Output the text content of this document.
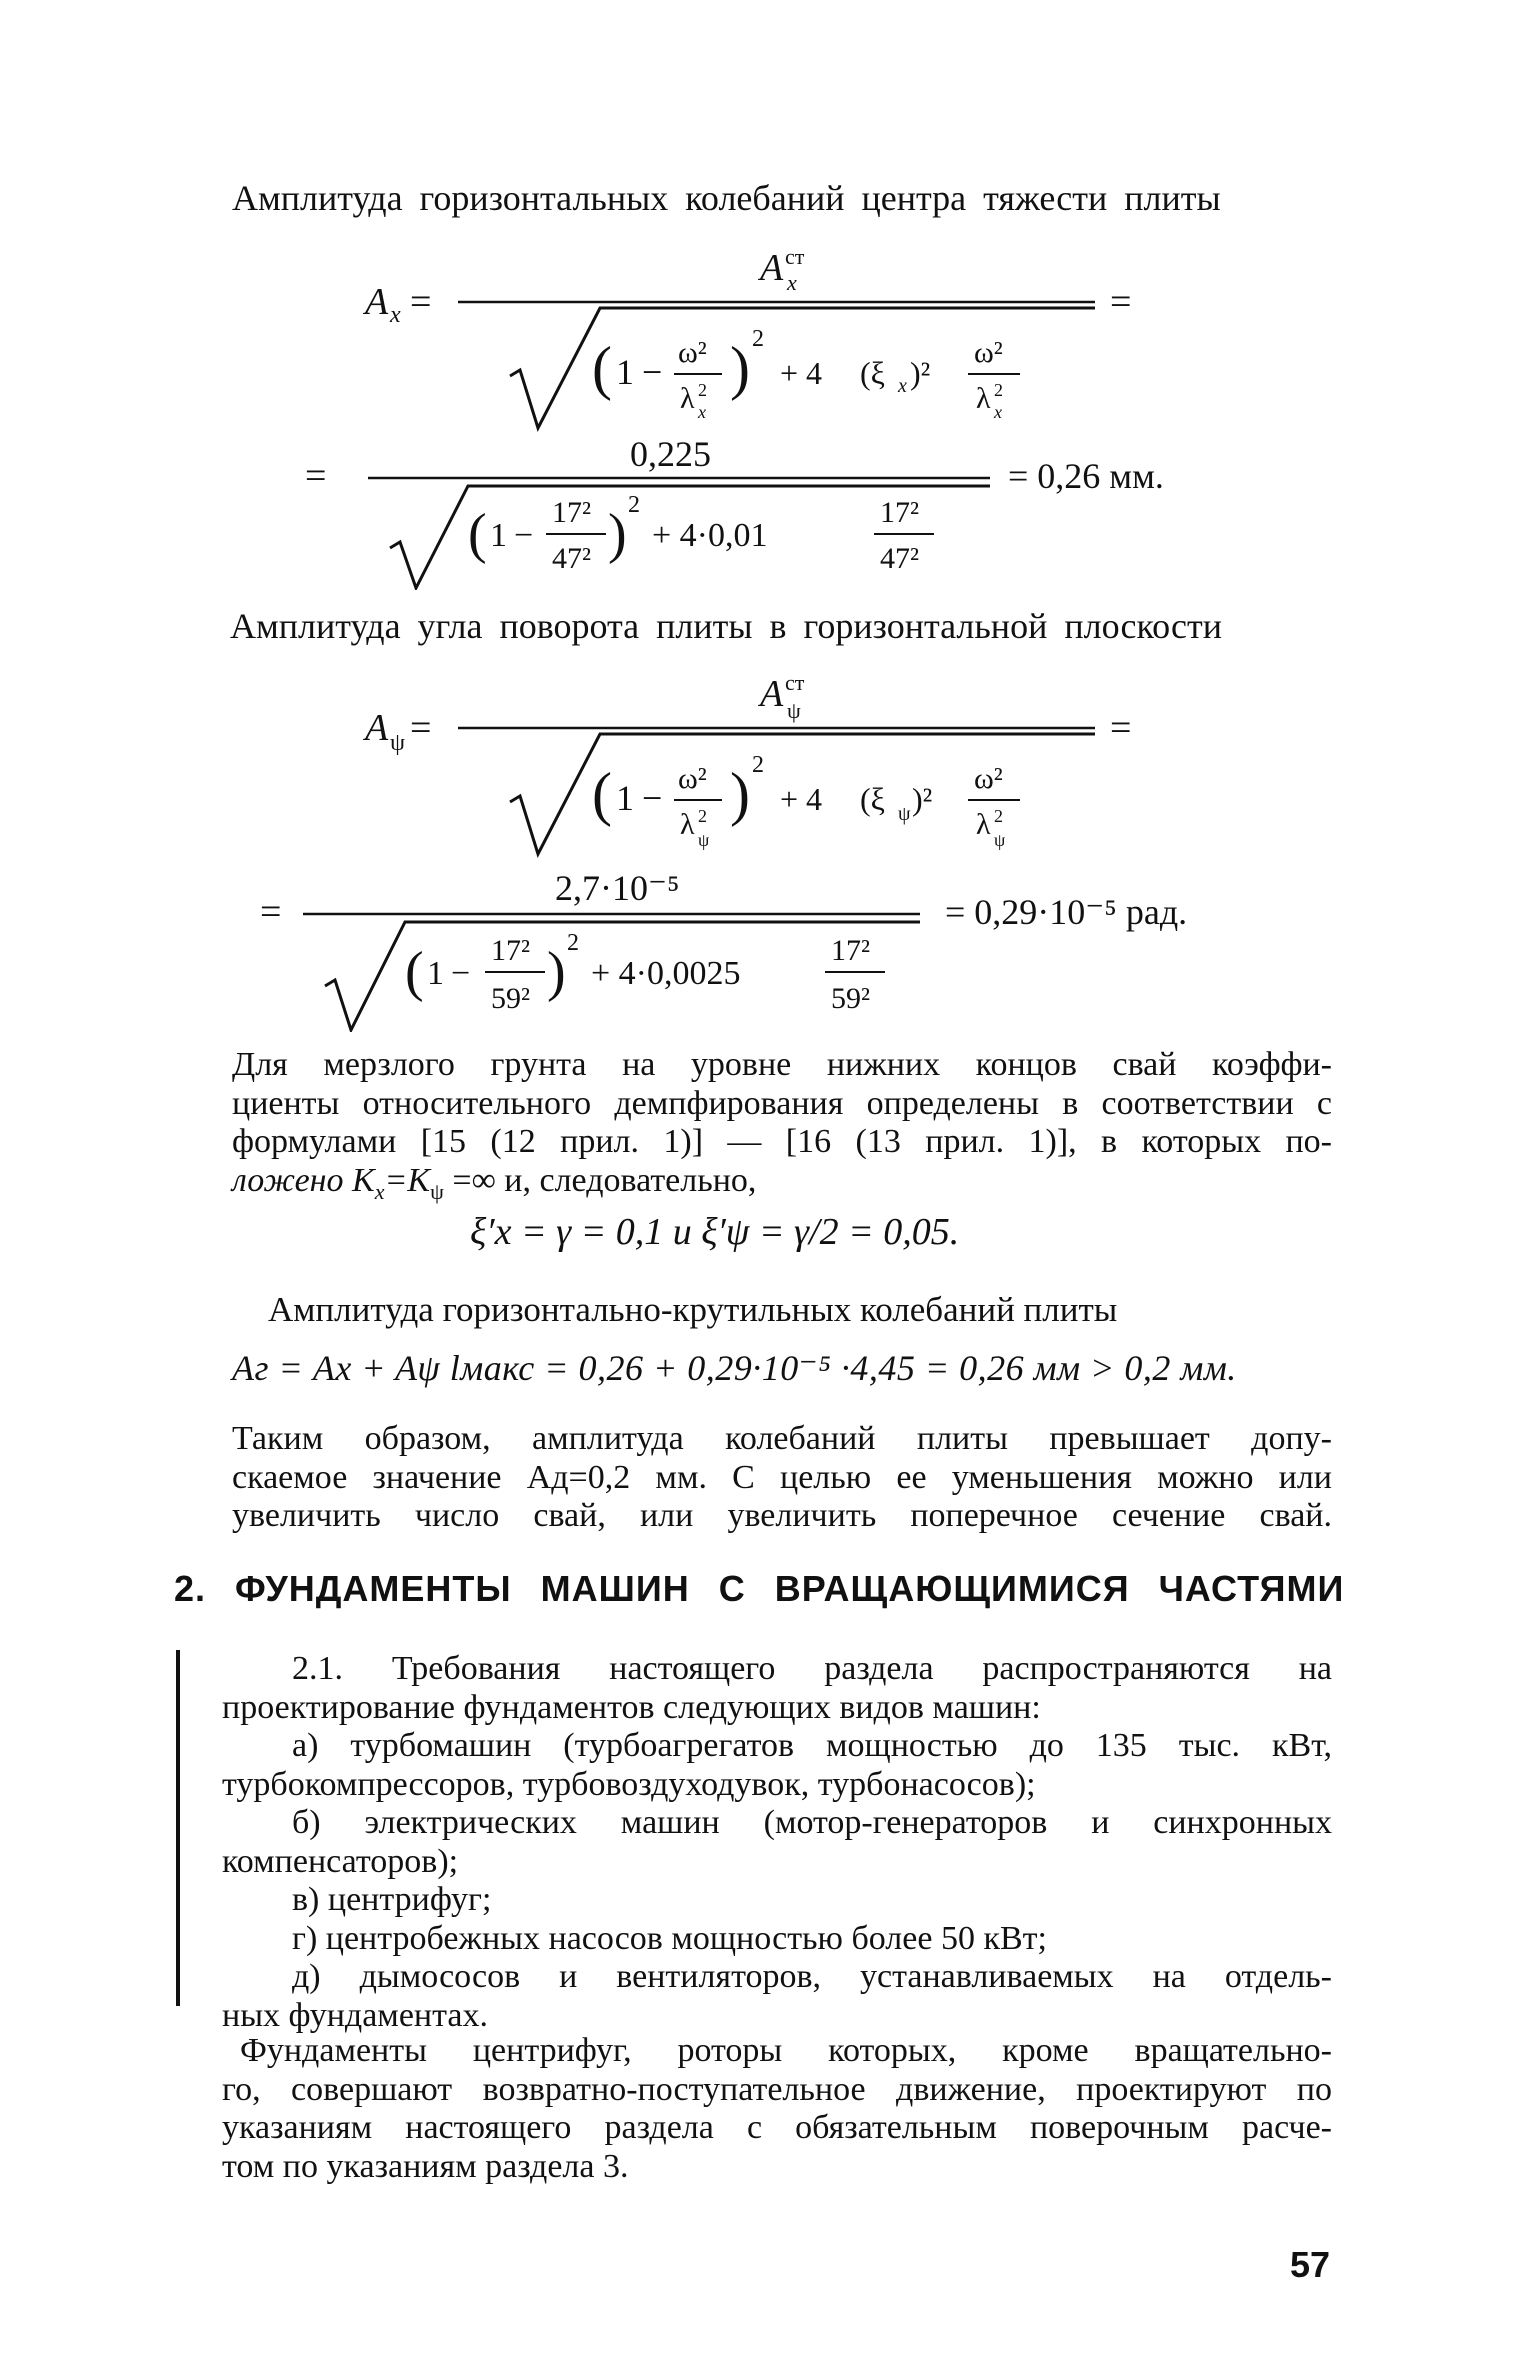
Амплитуда горизонтальных колебаний центра тяжести плиты
A x =
A ст
x	=
( 1 − ω²
λ 2
x
) 2
+ 4 (ξ x )²
ω²
λ 2
x
=
0,225
= 0,26 мм.
( 1 −
17²
47² ) 2
+ 4·0,01
17²
47²
Амплитуда угла поворота плиты в горизонтальной плоскости
A ψ =
A ст
ψ	=
( 1 − ω²
λ 2
ψ
) 2
+ 4 (ξ ψ )²
ω²
λ 2
ψ
=
2,7·10⁻⁵
= 0,29·10⁻⁵ рад.
( 1 −
17²
59² ) 2
+ 4·0,0025
17²
59²
Для мерзлого грунта на уровне нижних концов свай коэффи-
циенты относительного демпфирования определены в соответствии с
формулами [15 (12 прил. 1)] — [16 (13 прил. 1)], в которых по-
ложено $K_x=K_\psi$ =∞ и, следовательно,
ξ′x = γ = 0,1 и ξ′ψ = γ/2 = 0,05.
Амплитуда горизонтально-крутильных колебаний плиты
Aг = Ax + Aψ lмакс = 0,26 + 0,29·10⁻⁵ ·4,45 = 0,26 мм > 0,2 мм.
Таким образом, амплитуда колебаний плиты превышает допу-
скаемое значение Aд=0,2 мм. С целью ее уменьшения можно или
увеличить число свай, или увеличить поперечное сечение свай.
2. ФУНДАМЕНТЫ МАШИН С ВРАЩАЮЩИМИСЯ ЧАСТЯМИ
2.1. Требования настоящего раздела распространяются на
проектирование фундаментов следующих видов машин:
а) турбомашин (турбоагрегатов мощностью до 135 тыс. кВт,
турбокомпрессоров, турбовоздуходувок, турбонасосов);
б) электрических машин (мотор-генераторов и синхронных
компенсаторов);
в) центрифуг;
г) центробежных насосов мощностью более 50 кВт;
д) дымососов и вентиляторов, устанавливаемых на отдель-
ных фундаментах.
Фундаменты центрифуг, роторы которых, кроме вращательно-
го, совершают возвратно-поступательное движение, проектируют по
указаниям настоящего раздела с обязательным поверочным расче-
том по указаниям раздела 3.
57
